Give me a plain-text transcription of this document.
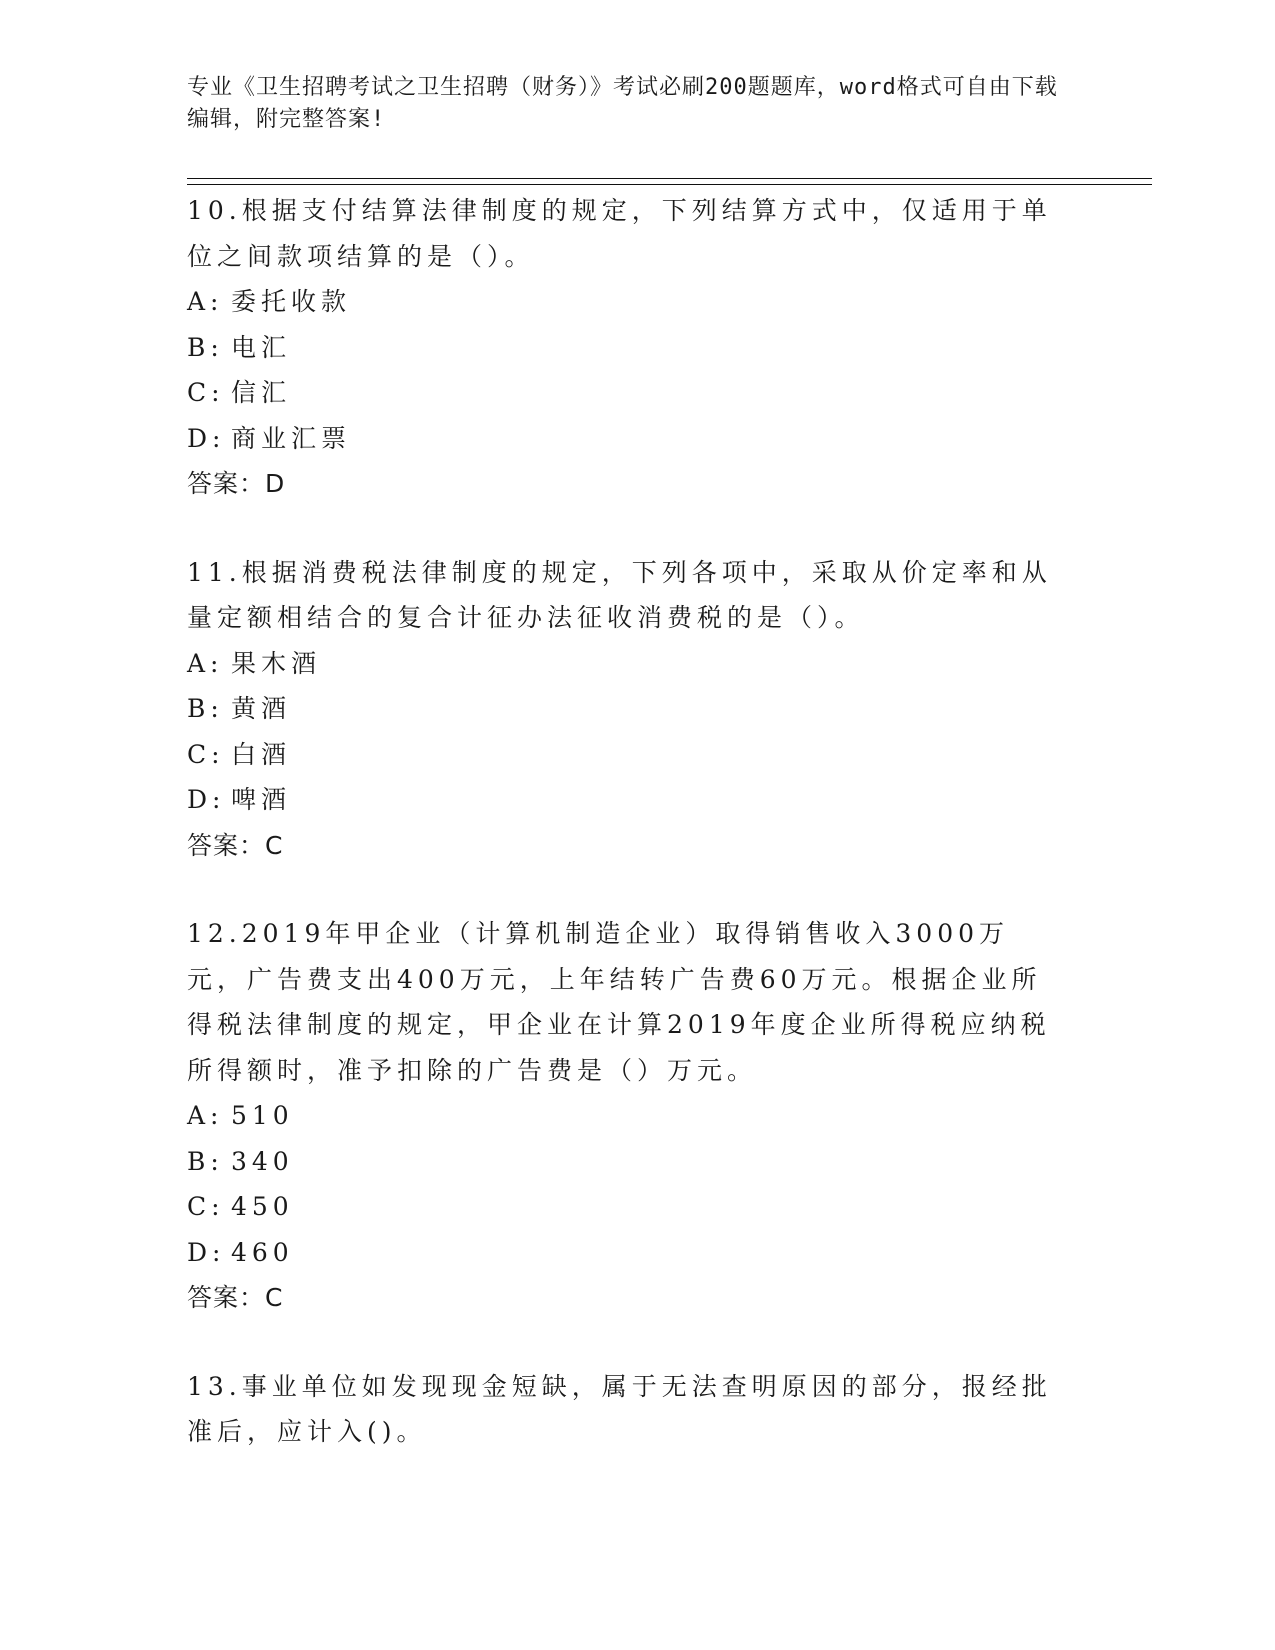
专业《卫生招聘考试之卫生招聘（财务）》考试必刷200题题库，word格式可自由下载编辑，附完整答案!

10.根据支付结算法律制度的规定，下列结算方式中，仅适用于单位之间款项结算的是（）。

A: 委托收款
B: 电汇
C: 信汇
D: 商业汇票
答案： D

11.根据消费税法律制度的规定，下列各项中，采取从价定率和从量定额相结合的复合计征办法征收消费税的是（）。

A: 果木酒
B: 黄酒
C: 白酒
D: 啤酒
答案： C

12.2019年甲企业（计算机制造企业）取得销售收入3000万元，广告费支出400万元，上年结转广告费60万元。根据企业所得税法律制度的规定，甲企业在计算2019年度企业所得税应纳税所得额时，准予扣除的广告费是（）万元。

A: 510
B: 340
C: 450
D: 460
答案： C

13.事业单位如发现现金短缺，属于无法查明原因的部分，报经批准后，应计入()。
